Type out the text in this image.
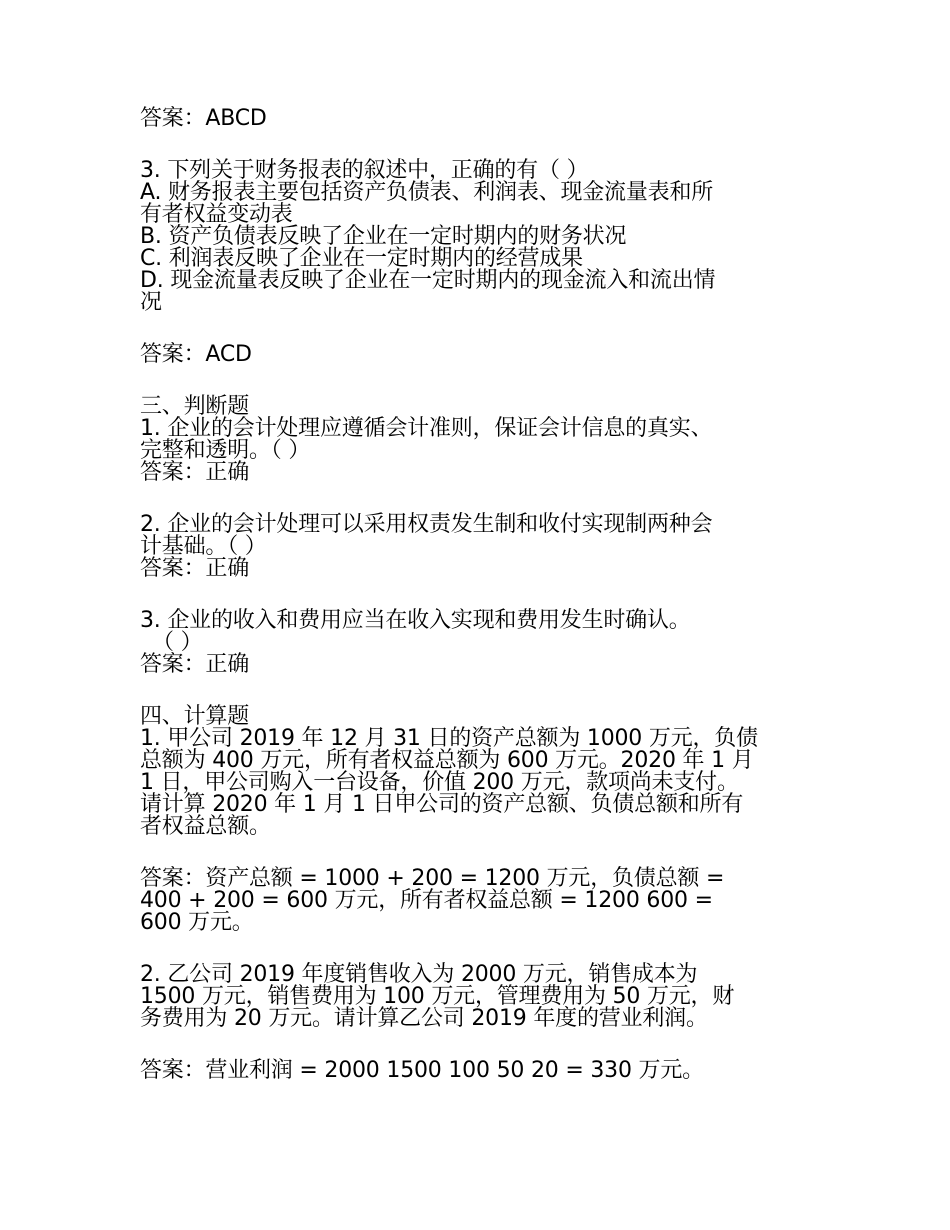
答案：ABCD
3. 下列关于财务报表的叙述中，正确的有（ ）
A. 财务报表主要包括资产负债表、利润表、现金流量表和所
有者权益变动表
B. 资产负债表反映了企业在一定时期内的财务状况
C. 利润表反映了企业在一定时期内的经营成果
D. 现金流量表反映了企业在一定时期内的现金流入和流出情
况
答案：ACD
三、判断题
1. 企业的会计处理应遵循会计准则，保证会计信息的真实、
完整和透明。（ ）
答案：正确
2. 企业的会计处理可以采用权责发生制和收付实现制两种会
计基础。（ ）
答案：正确
3. 企业的收入和费用应当在收入实现和费用发生时确认。
（ ）
答案：正确
四、计算题
1. 甲公司 2019 年 12 月 31 日的资产总额为 1000 万元，负债
总额为 400 万元，所有者权益总额为 600 万元。2020 年 1 月
1 日，甲公司购入一台设备，价值 200 万元，款项尚未支付。
请计算 2020 年 1 月 1 日甲公司的资产总额、负债总额和所有
者权益总额。
答案：资产总额 = 1000 + 200 = 1200 万元，负债总额 =
400 + 200 = 600 万元，所有者权益总额 = 1200 600 =
600 万元。
2. 乙公司 2019 年度销售收入为 2000 万元，销售成本为
1500 万元，销售费用为 100 万元，管理费用为 50 万元，财
务费用为 20 万元。请计算乙公司 2019 年度的营业利润。
答案：营业利润 = 2000 1500 100 50 20 = 330 万元。
